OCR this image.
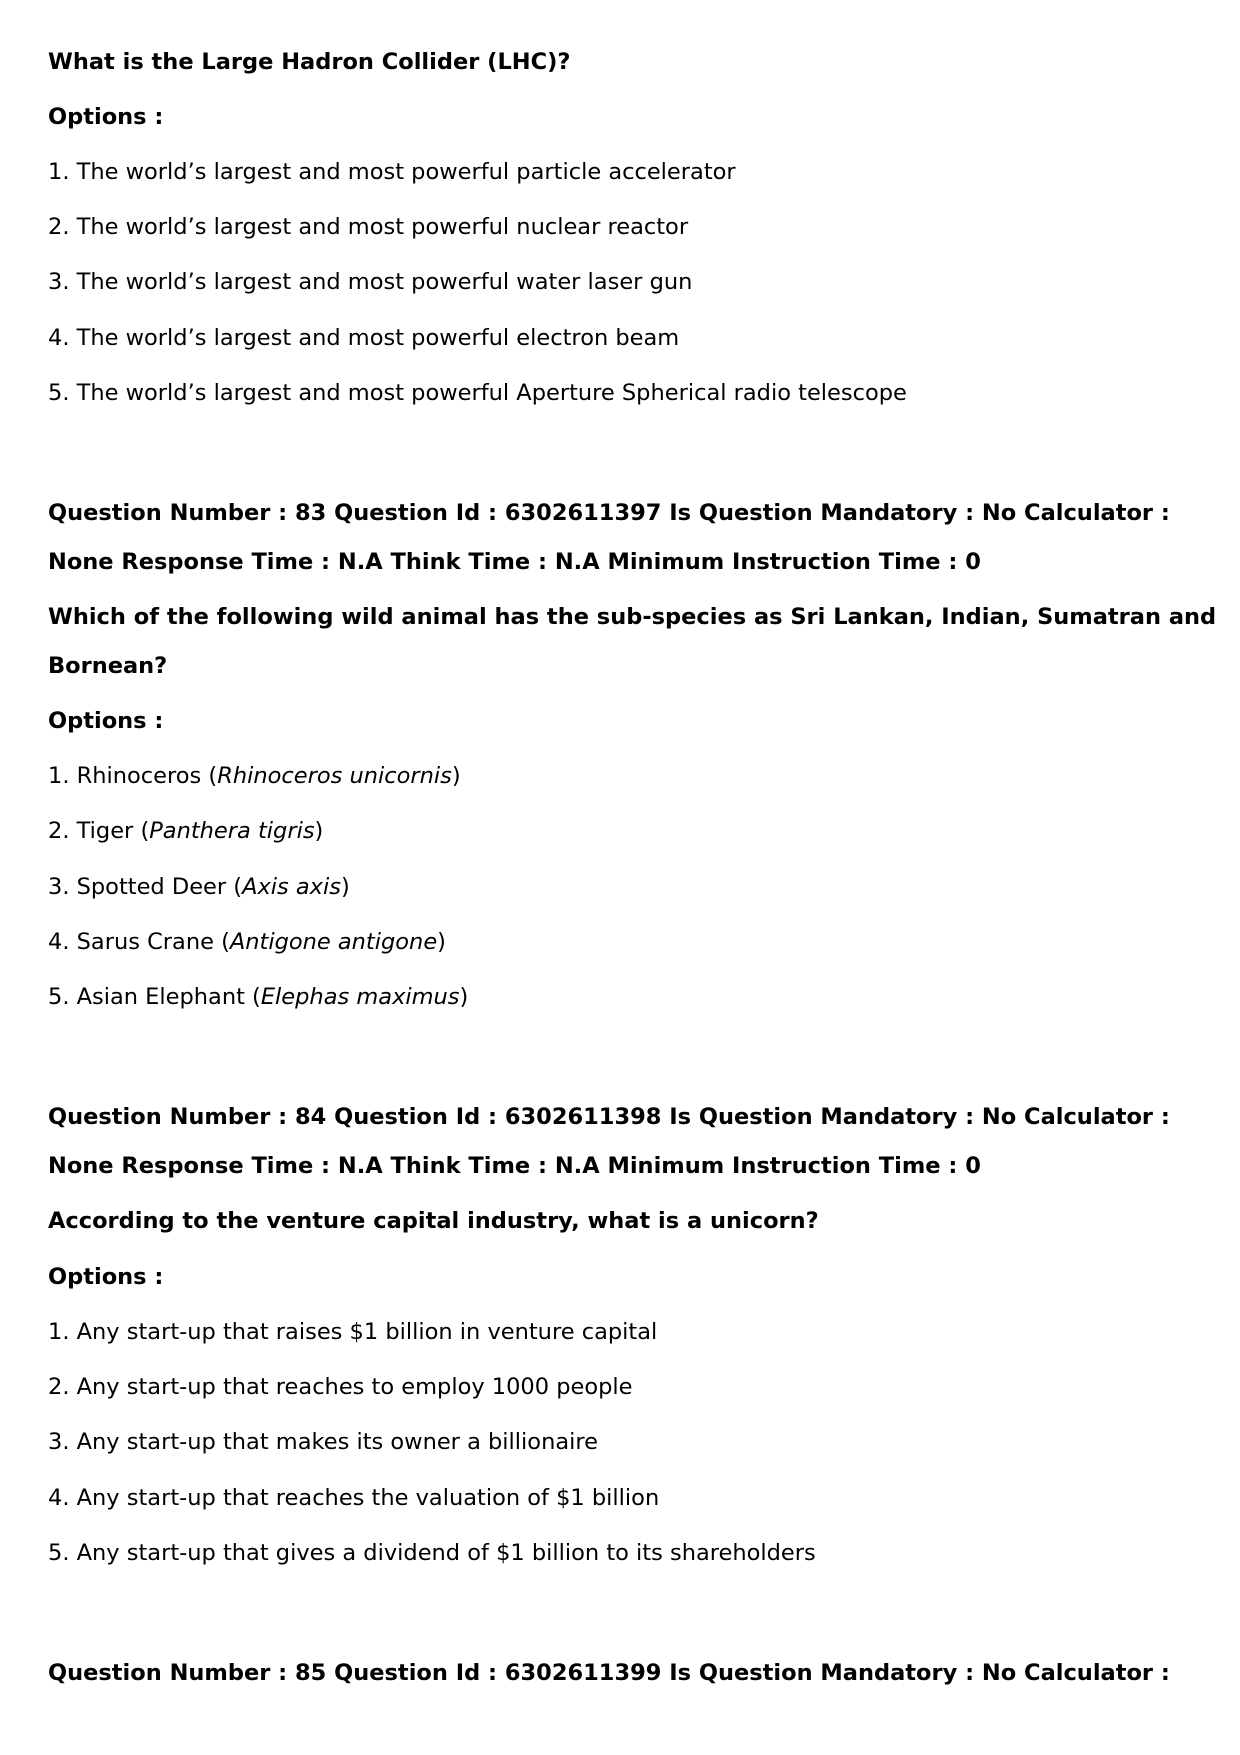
What is the Large Hadron Collider (LHC)?

Options :

1. The world’s largest and most powerful particle accelerator

2. The world’s largest and most powerful nuclear reactor

3. The world’s largest and most powerful water laser gun

4. The world’s largest and most powerful electron beam

5. The world’s largest and most powerful Aperture Spherical radio telescope

Question Number : 83 Question Id : 6302611397 Is Question Mandatory : No Calculator :

None Response Time : N.A Think Time : N.A Minimum Instruction Time : 0

Which of the following wild animal has the sub-species as Sri Lankan, Indian, Sumatran and

Bornean?

Options :

1. Rhinoceros (Rhinoceros unicornis)

2. Tiger (Panthera tigris)

3. Spotted Deer (Axis axis)

4. Sarus Crane (Antigone antigone)

5. Asian Elephant (Elephas maximus)

Question Number : 84 Question Id : 6302611398 Is Question Mandatory : No Calculator :

None Response Time : N.A Think Time : N.A Minimum Instruction Time : 0

According to the venture capital industry, what is a unicorn?

Options :

1. Any start-up that raises $1 billion in venture capital

2. Any start-up that reaches to employ 1000 people

3. Any start-up that makes its owner a billionaire

4. Any start-up that reaches the valuation of $1 billion

5. Any start-up that gives a dividend of $1 billion to its shareholders

Question Number : 85 Question Id : 6302611399 Is Question Mandatory : No Calculator :
